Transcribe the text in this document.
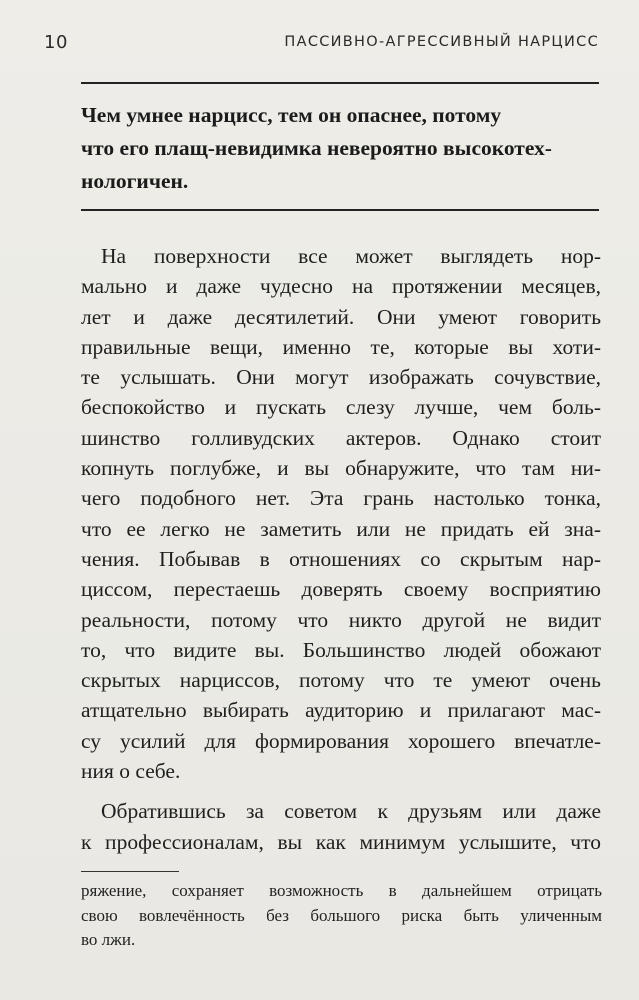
10	ПАССИВНО-АГРЕССИВНЫЙ НАРЦИСС
Чем умнее нарцисс, тем он опаснее, потому
что его плащ-невидимка невероятно высокотех-
нологичен.
На поверхности все может выглядеть нор-
мально и даже чудесно на протяжении месяцев,
лет и даже десятилетий. Они умеют говорить
правильные вещи, именно те, которые вы хоти-
те услышать. Они могут изображать сочувствие,
беспокойство и пускать слезу лучше, чем боль-
шинство голливудских актеров. Однако стоит
копнуть поглубже, и вы обнаружите, что там ни-
чего подобного нет. Эта грань настолько тонка,
что ее легко не заметить или не придать ей зна-
чения. Побывав в отношениях со скрытым нар-
циссом, перестаешь доверять своему восприятию
реальности, потому что никто другой не видит
то, что видите вы. Большинство людей обожают
скрытых нарциссов, потому что те умеют очень
атщательно выбирать аудиторию и прилагают мас-
су усилий для формирования хорошего впечатле-
ния о себе.
Обратившись за советом к друзьям или даже
к профессионалам, вы как минимум услышите, что
ряжение, сохраняет возможность в дальнейшем отрицать
свою вовлечённость без большого риска быть уличенным
во лжи.
